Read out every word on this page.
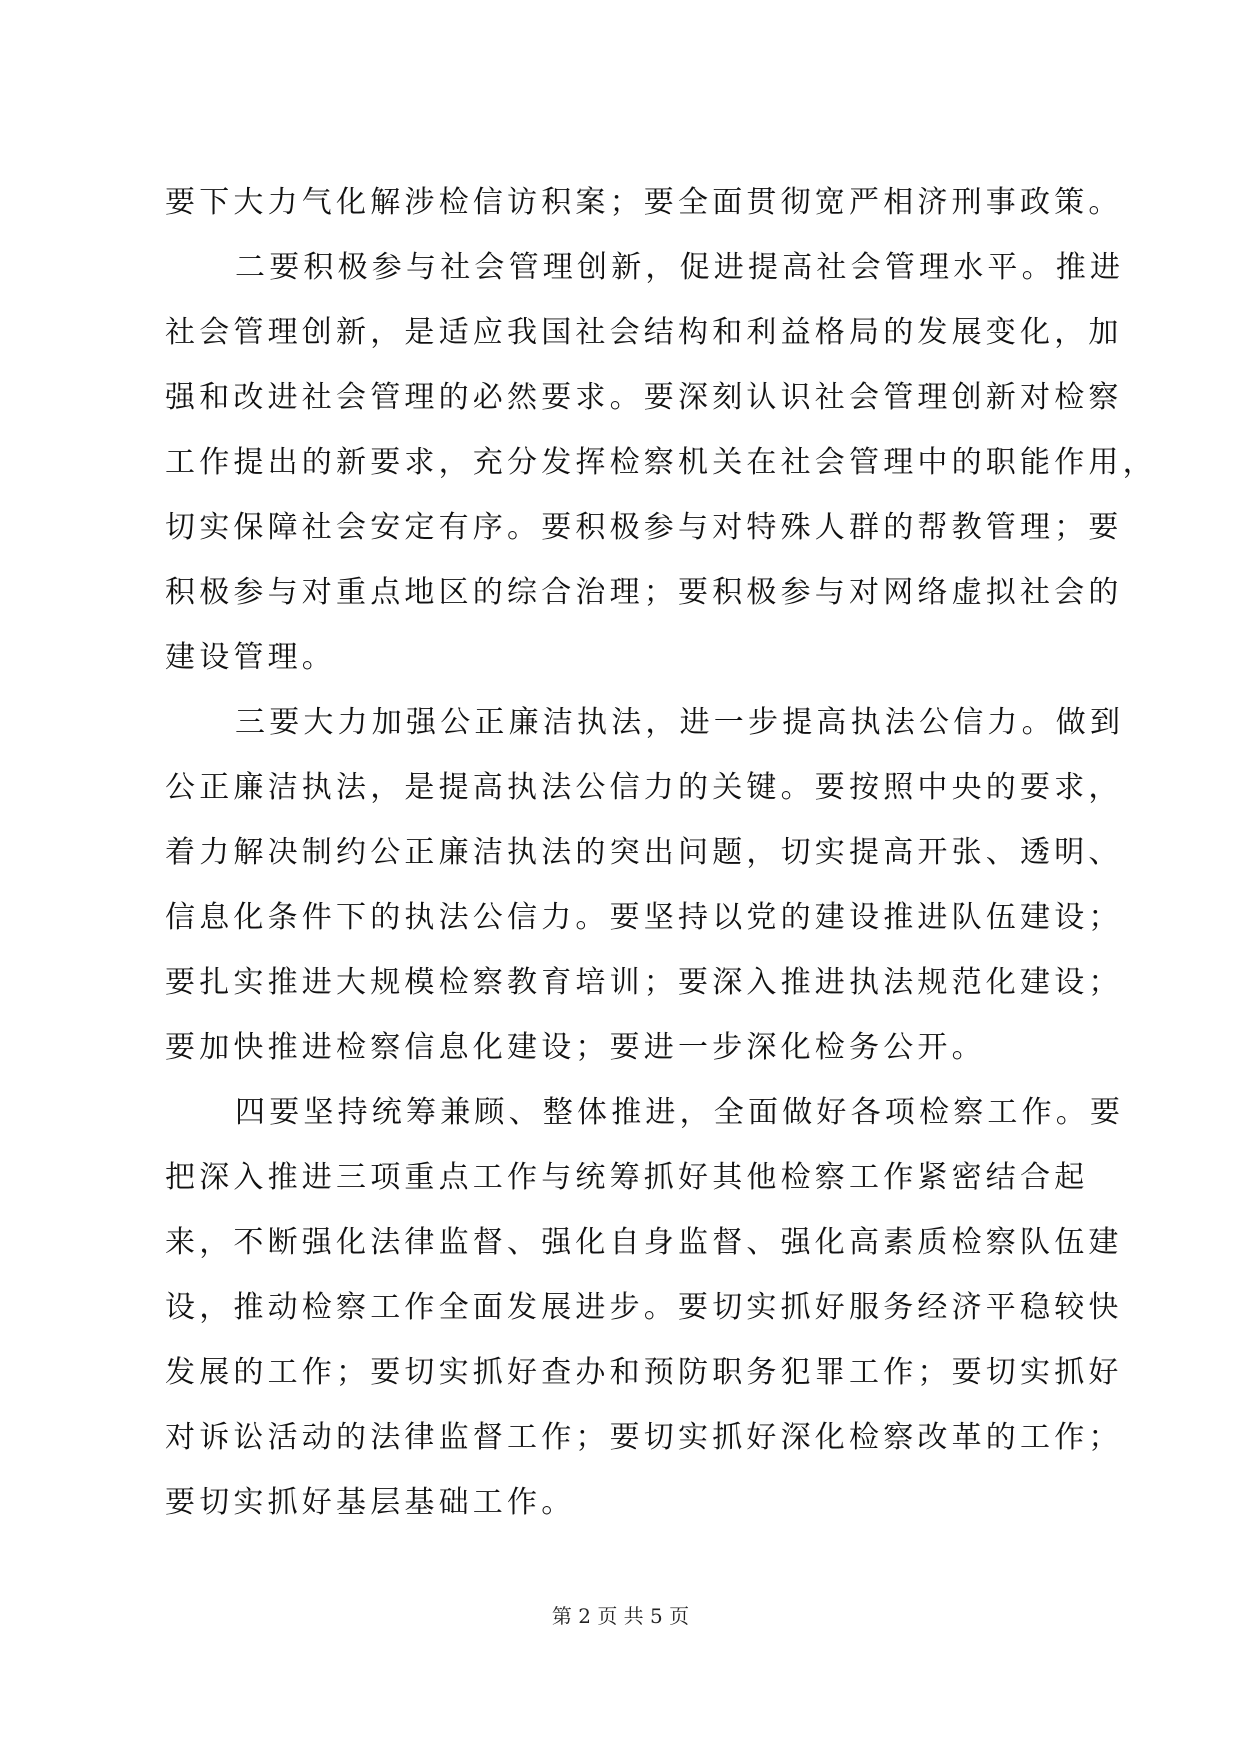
要下大力气化解涉检信访积案；要全面贯彻宽严相济刑事政策。
二要积极参与社会管理创新，促进提高社会管理水平。推进
社会管理创新，是适应我国社会结构和利益格局的发展变化，加
强和改进社会管理的必然要求。要深刻认识社会管理创新对检察
工作提出的新要求，充分发挥检察机关在社会管理中的职能作用，
切实保障社会安定有序。要积极参与对特殊人群的帮教管理；要
积极参与对重点地区的综合治理；要积极参与对网络虚拟社会的
建设管理。
三要大力加强公正廉洁执法，进一步提高执法公信力。做到
公正廉洁执法，是提高执法公信力的关键。要按照中央的要求，
着力解决制约公正廉洁执法的突出问题，切实提高开张、透明、
信息化条件下的执法公信力。要坚持以党的建设推进队伍建设；
要扎实推进大规模检察教育培训；要深入推进执法规范化建设；
要加快推进检察信息化建设；要进一步深化检务公开。
四要坚持统筹兼顾、整体推进，全面做好各项检察工作。要
把深入推进三项重点工作与统筹抓好其他检察工作紧密结合起
来，不断强化法律监督、强化自身监督、强化高素质检察队伍建
设，推动检察工作全面发展进步。要切实抓好服务经济平稳较快
发展的工作；要切实抓好查办和预防职务犯罪工作；要切实抓好
对诉讼活动的法律监督工作；要切实抓好深化检察改革的工作；
要切实抓好基层基础工作。
第 2 页 共 5 页
